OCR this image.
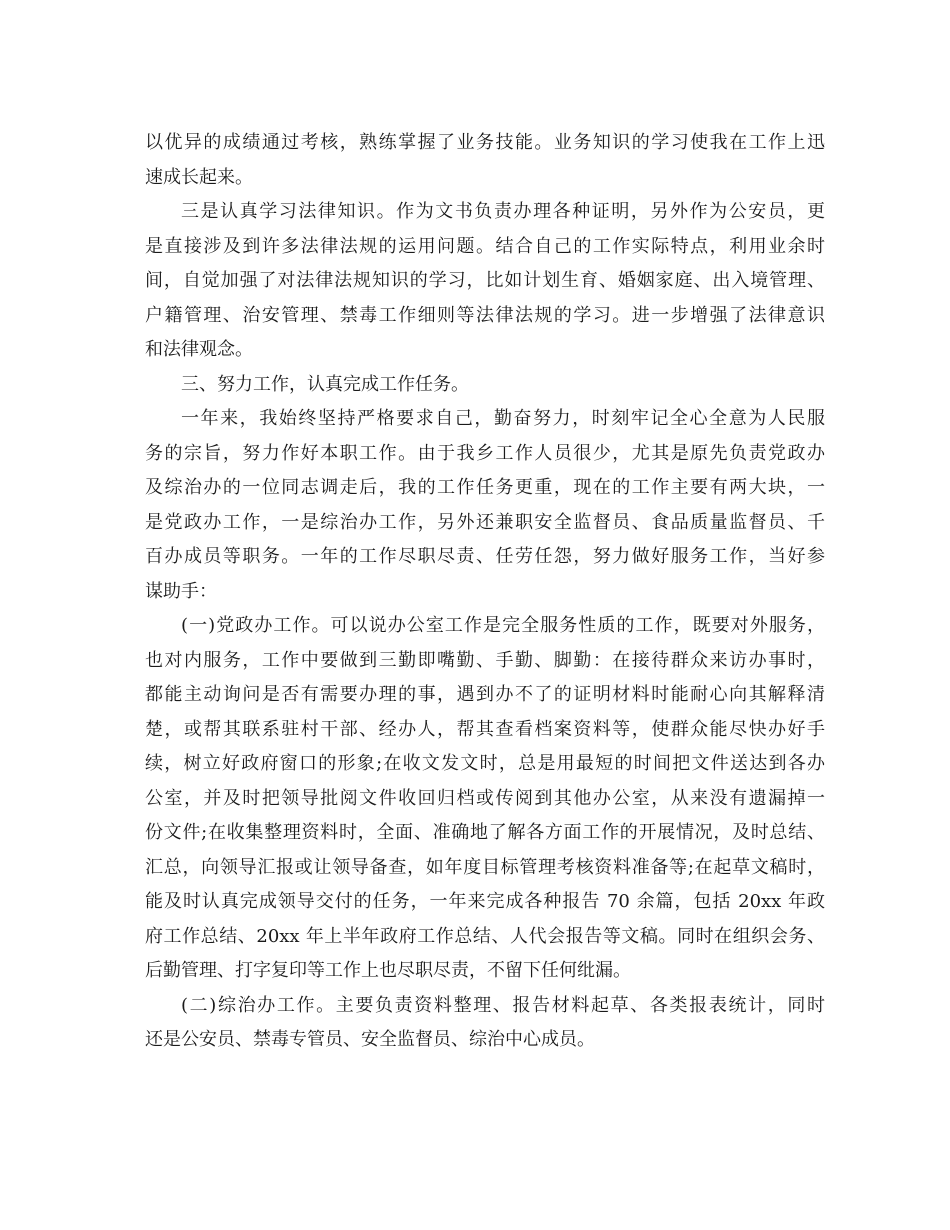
以优异的成绩通过考核，熟练掌握了业务技能。业务知识的学习使我在工作上迅
速成长起来。
三是认真学习法律知识。作为文书负责办理各种证明，另外作为公安员，更
是直接涉及到许多法律法规的运用问题。结合自己的工作实际特点，利用业余时
间，自觉加强了对法律法规知识的学习，比如计划生育、婚姻家庭、出入境管理、
户籍管理、治安管理、禁毒工作细则等法律法规的学习。进一步增强了法律意识
和法律观念。
三、努力工作，认真完成工作任务。
一年来，我始终坚持严格要求自己，勤奋努力，时刻牢记全心全意为人民服
务的宗旨，努力作好本职工作。由于我乡工作人员很少，尤其是原先负责党政办
及综治办的一位同志调走后，我的工作任务更重，现在的工作主要有两大块，一
是党政办工作，一是综治办工作，另外还兼职安全监督员、食品质量监督员、千
百办成员等职务。一年的工作尽职尽责、任劳任怨，努力做好服务工作，当好参
谋助手：
(一)党政办工作。可以说办公室工作是完全服务性质的工作，既要对外服务，
也对内服务，工作中要做到三勤即嘴勤、手勤、脚勤：在接待群众来访办事时，
都能主动询问是否有需要办理的事，遇到办不了的证明材料时能耐心向其解释清
楚，或帮其联系驻村干部、经办人，帮其查看档案资料等，使群众能尽快办好手
续，树立好政府窗口的形象;在收文发文时，总是用最短的时间把文件送达到各办
公室，并及时把领导批阅文件收回归档或传阅到其他办公室，从来没有遗漏掉一
份文件;在收集整理资料时，全面、准确地了解各方面工作的开展情况，及时总结、
汇总，向领导汇报或让领导备查，如年度目标管理考核资料准备等;在起草文稿时，
能及时认真完成领导交付的任务，一年来完成各种报告 70 余篇，包括 20xx 年政
府工作总结、20xx 年上半年政府工作总结、人代会报告等文稿。同时在组织会务、
后勤管理、打字复印等工作上也尽职尽责，不留下任何纰漏。
(二)综治办工作。主要负责资料整理、报告材料起草、各类报表统计，同时
还是公安员、禁毒专管员、安全监督员、综治中心成员。
